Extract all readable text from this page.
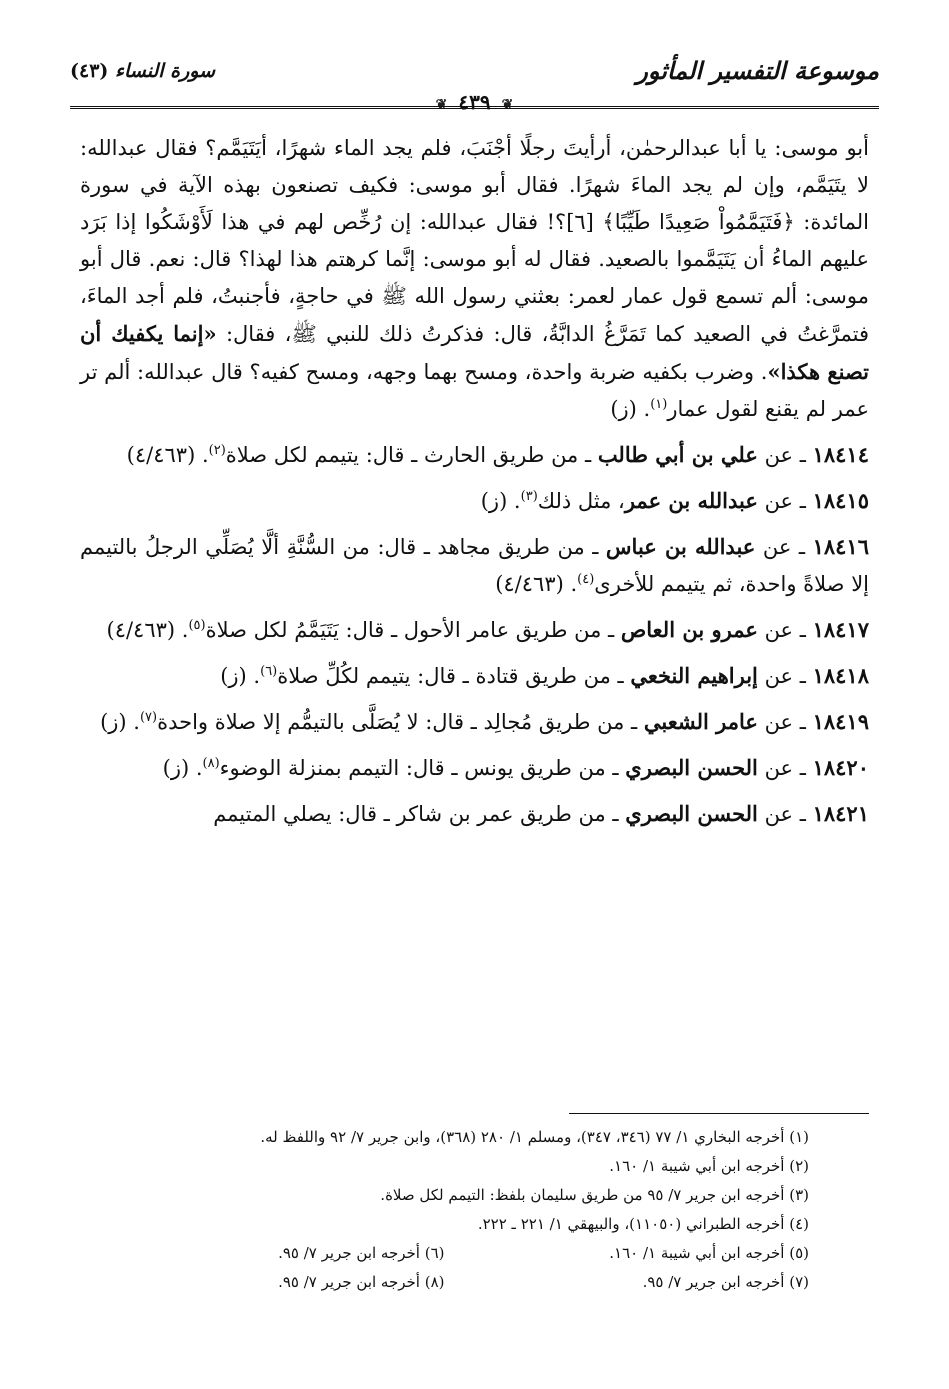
موسوعة التفسير المأثور
سورة النساء (٤٣)
❦ ٤٣٩ ❦

أبو موسى: يا أبا عبدالرحمٰن، أرأيتَ رجلًا أجْنَبَ، فلم يجد الماء شهرًا، أيَتَيَمَّم؟ فقال عبدالله: لا يتَيَمَّم، وإن لم يجد الماءَ شهرًا. فقال أبو موسى: فكيف تصنعون بهذه الآية في سورة المائدة: ﴿فَتَيَمَّمُواْ صَعِيدًا طَيِّبًا﴾ [٦]؟! فقال عبدالله: إن رُخِّص لهم في هذا لَأَوْشَكُوا إذا بَرَد عليهم الماءُ أن يَتَيَمَّموا بالصعيد. فقال له أبو موسى: إنَّما كرهتم هذا لهذا؟ قال: نعم. قال أبو موسى: ألم تسمع قول عمار لعمر: بعثني رسول الله ﷺ في حاجةٍ، فأجنبتُ، فلم أجد الماءَ، فتمرَّغتُ في الصعيد كما تَمَرَّغُ الدابَّةُ، قال: فذكرتُ ذلك للنبي ﷺ، فقال: «إنما يكفيك أن تصنع هكذا». وضرب بكفيه ضربة واحدة، ومسح بهما وجهه، ومسح كفيه؟ قال عبدالله: ألم تر عمر لم يقنع لقول عمار$^{(١)}$. (ز)

١٨٤١٤ ـ عن علي بن أبي طالب ـ من طريق الحارث ـ قال: يتيمم لكل صلاة$^{(٢)}$. (٤/٤٦٣)

١٨٤١٥ ـ عن عبدالله بن عمر، مثل ذلك$^{(٣)}$. (ز)

١٨٤١٦ ـ عن عبدالله بن عباس ـ من طريق مجاهد ـ قال: من السُّنَّةِ ألَّا يُصَلِّي الرجلُ بالتيمم إلا صلاةً واحدة، ثم يتيمم للأخرى$^{(٤)}$. (٤/٤٦٣)

١٨٤١٧ ـ عن عمرو بن العاص ـ من طريق عامر الأحول ـ قال: يَتَيَمَّمُ لكل صلاة$^{(٥)}$. (٤/٤٦٣)

١٨٤١٨ ـ عن إبراهيم النخعي ـ من طريق قتادة ـ قال: يتيمم لكُلِّ صلاة$^{(٦)}$. (ز)

١٨٤١٩ ـ عن عامر الشعبي ـ من طريق مُجالِد ـ قال: لا يُصَلَّى بالتيمُّم إلا صلاة واحدة$^{(٧)}$. (ز)

١٨٤٢٠ ـ عن الحسن البصري ـ من طريق يونس ـ قال: التيمم بمنزلة الوضوء$^{(٨)}$. (ز)

١٨٤٢١ ـ عن الحسن البصري ـ من طريق عمر بن شاكر ـ قال: يصلي المتيمم

(١) أخرجه البخاري ١/ ٧٧ (٣٤٦، ٣٤٧)، ومسلم ١/ ٢٨٠ (٣٦٨)، وابن جرير ٧/ ٩٢ واللفظ له.
(٢) أخرجه ابن أبي شيبة ١/ ١٦٠.
(٣) أخرجه ابن جرير ٧/ ٩٥ من طريق سليمان بلفظ: التيمم لكل صلاة.
(٤) أخرجه الطبراني (١١٠٥٠)، والبيهقي ١/ ٢٢١ ـ ٢٢٢.
(٥) أخرجه ابن أبي شيبة ١/ ١٦٠.
(٦) أخرجه ابن جرير ٧/ ٩٥.
(٧) أخرجه ابن جرير ٧/ ٩٥.
(٨) أخرجه ابن جرير ٧/ ٩٥.
